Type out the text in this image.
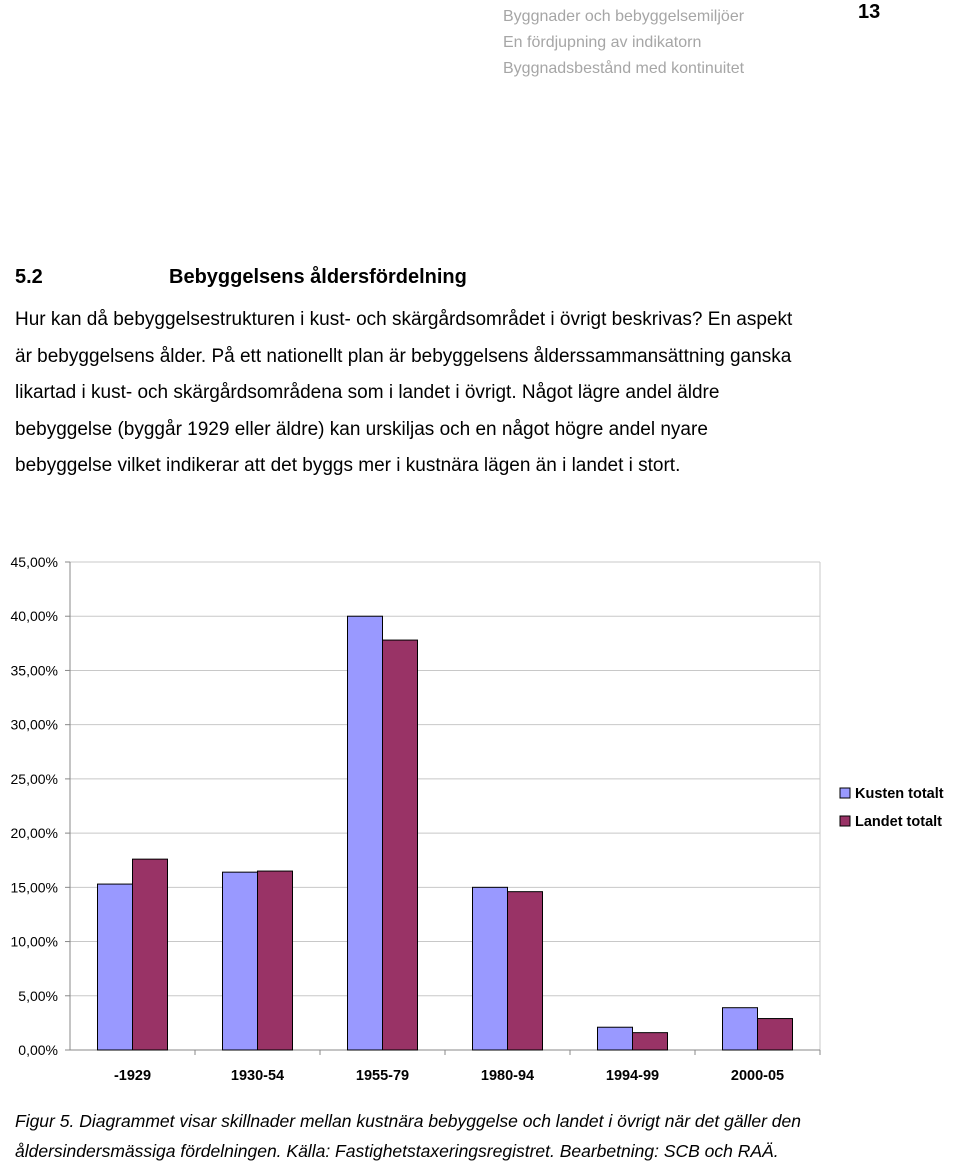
Byggnader och bebyggelsemiljöer
En fördjupning av indikatorn
Byggnadsbestånd med kontinuitet
13
5.2	Bebyggelsens åldersfördelning
Hur kan då bebyggelsestrukturen i kust- och skärgårdsområdet i övrigt beskrivas? En aspekt
är bebyggelsens ålder. På ett nationellt plan är bebyggelsens ålderssammansättning ganska
likartad i kust- och skärgårdsområdena som i landet i övrigt. Något lägre andel äldre
bebyggelse (byggår 1929 eller äldre) kan urskiljas och en något högre andel nyare
bebyggelse vilket indikerar att det byggs mer i kustnära lägen än i landet i stort.
0,00%
5,00%
10,00%
15,00%
20,00%
25,00%
30,00%
35,00%
40,00%
45,00%
-1929	1930-54	1955-79	1980-94	1994-99	2000-05
Kusten totalt
Landet totalt
Figur 5. Diagrammet visar skillnader mellan kustnära bebyggelse och landet i övrigt när det gäller den
åldersindersmässiga fördelningen. Källa: Fastighetstaxeringsregistret. Bearbetning: SCB och RAÄ.
